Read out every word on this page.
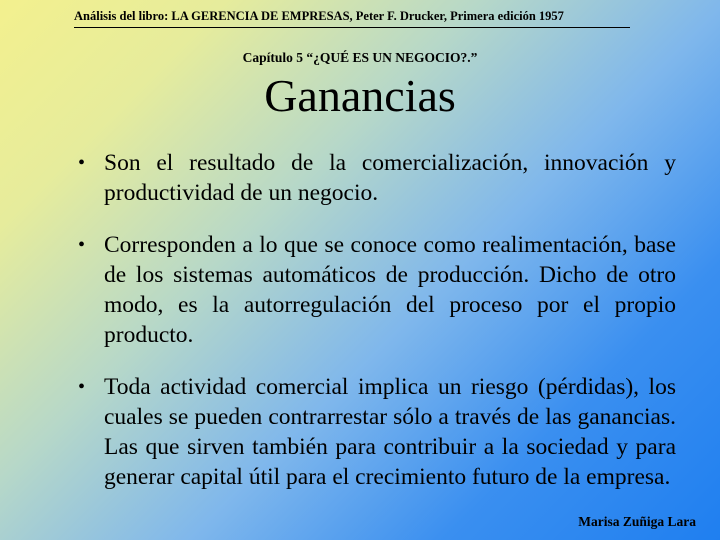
Análisis del libro: LA GERENCIA DE EMPRESAS, Peter F. Drucker, Primera edición 1957
Capítulo 5 “¿QUÉ ES UN NEGOCIO?.”
Ganancias
• Son el resultado de la comercialización, innovación y productividad de un negocio.
• Corresponden a lo que se conoce como realimentación, base de los sistemas automáticos de producción. Dicho de otro modo, es la autorregulación del proceso por el propio producto.
• Toda actividad comercial implica un riesgo (pérdidas), los cuales se pueden contrarrestar sólo a través de las ganancias. Las que sirven también para contribuir a la sociedad y para generar capital útil para el crecimiento futuro de la empresa.
Marisa Zuñiga Lara
